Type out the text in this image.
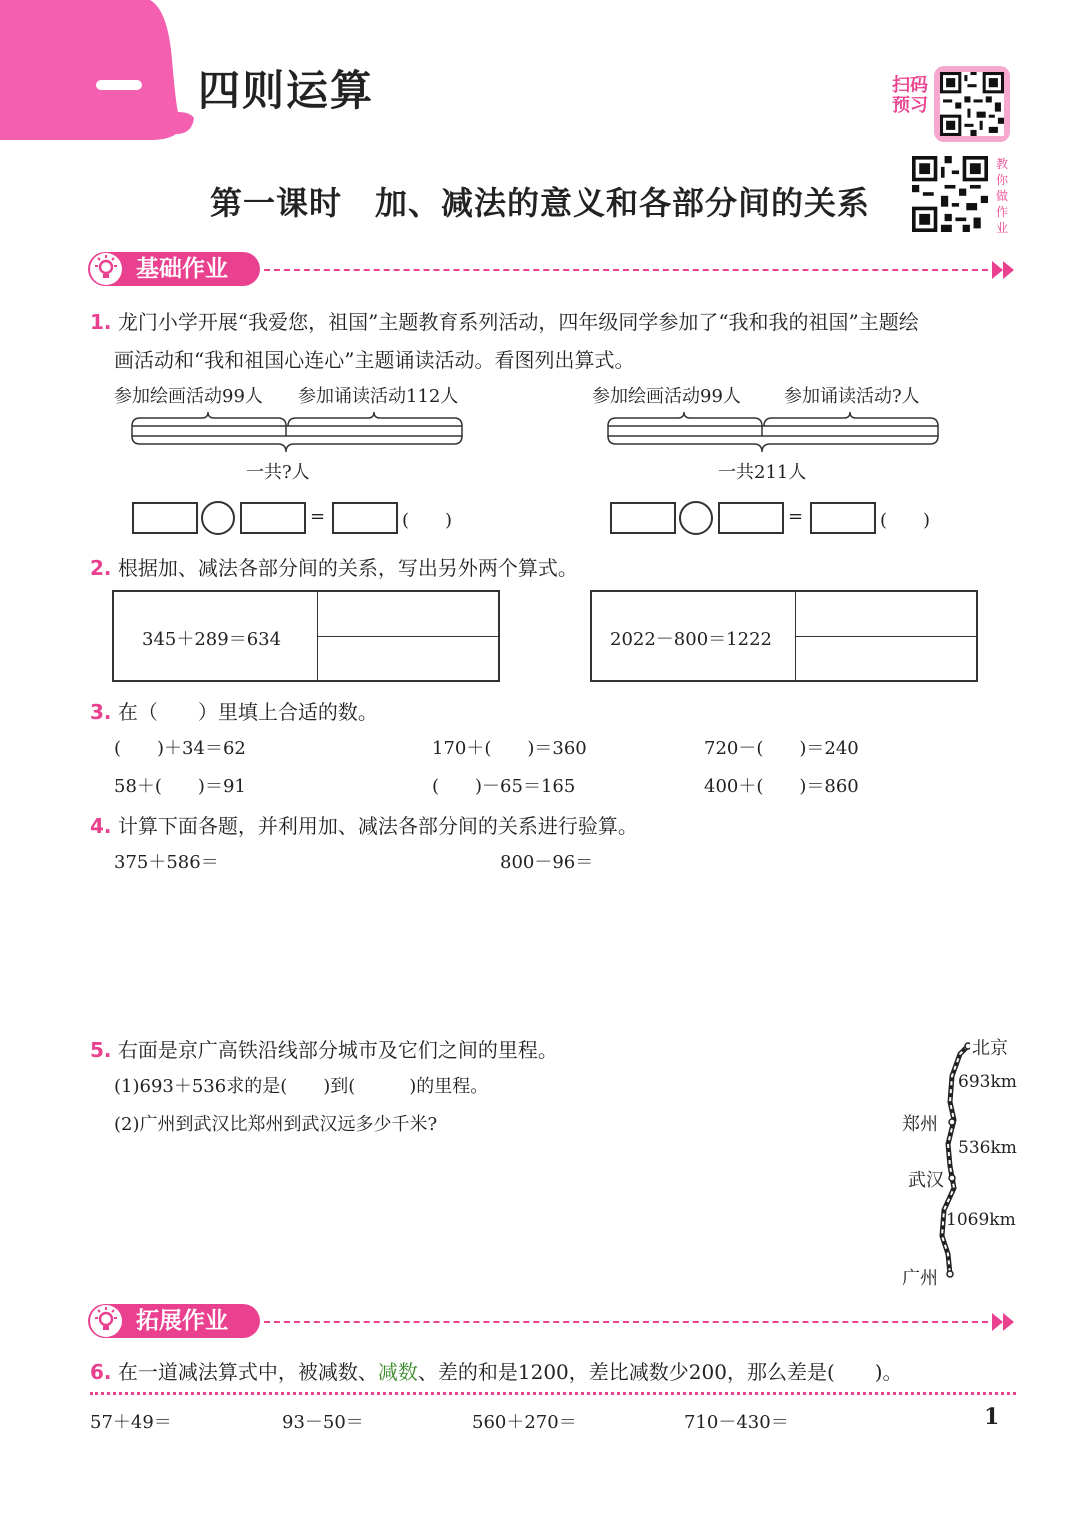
四则运算	扫码预习
教你做作业
第一课时　加、减法的意义和各部分间的关系
基础作业
1. 龙门小学开展“我爱您，祖国”主题教育系列活动，四年级同学参加了“我和我的祖国”主题绘
画活动和“我和祖国心连心”主题诵读活动。看图列出算式。
参加绘画活动99人 参加诵读活动112人
一共?人
参加绘画活动99人 参加诵读活动?人
一共211人
=	(　　)	=	(　　)
2. 根据加、减法各部分间的关系，写出另外两个算式。
345＋289＝634	2022－800＝1222
3. 在（　　）里填上合适的数。
(　　)＋34＝62	170＋(　　)＝360	720－(　　)＝240
58＋(　　)＝91	(　　)－65＝165	400＋(　　)＝860
4. 计算下面各题，并利用加、减法各部分间的关系进行验算。
375＋586＝	800－96＝
5. 右面是京广高铁沿线部分城市及它们之间的里程。
(1)693＋536求的是(　　)到(　　　)的里程。
(2)广州到武汉比郑州到武汉远多少千米?
北京
693km
郑州
536km
武汉
1069km
广州
拓展作业
6. 在一道减法算式中，被减数、减数、差的和是1200，差比减数少200，那么差是(　　)。
57＋49＝	93－50＝	560＋270＝	710－430＝	1
